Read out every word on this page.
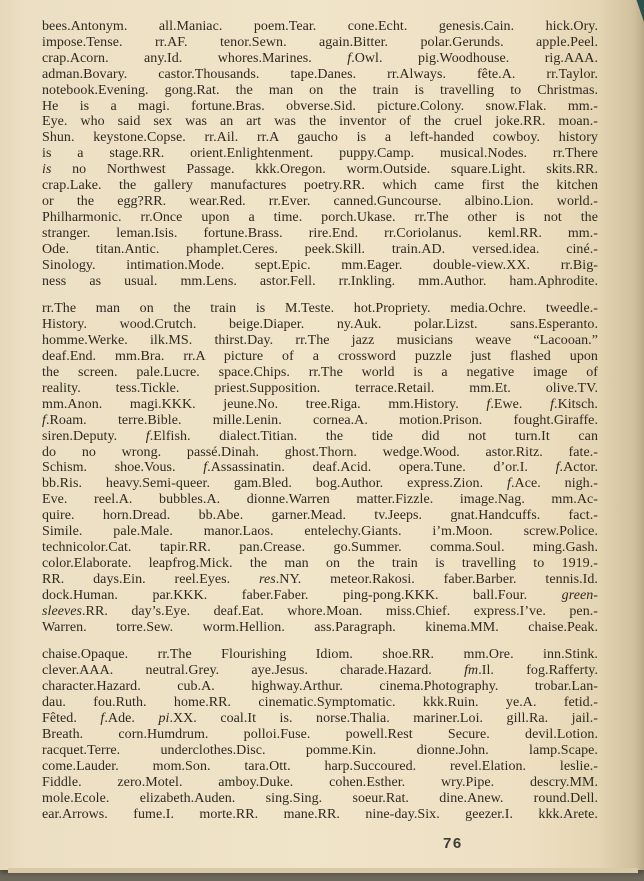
bees.Antonym. all.Maniac. poem.Tear. cone.Echt. genesis.Cain. hick.Ory.
impose.Tense. rr.AF. tenor.Sewn. again.Bitter. polar.Gerunds. apple.Peel.
crap.Acorn. any.Id. whores.Marines. f.Owl. pig.Woodhouse. rig.AAA.
adman.Bovary. castor.Thousands. tape.Danes. rr.Always. fête.A. rr.Taylor.
notebook.Evening. gong.Rat. the man on the train is travelling to Christmas.
He is a magi. fortune.Bras. obverse.Sid. picture.Colony. snow.Flak. mm.-
Eye. who said sex was an art was the inventor of the cruel joke.RR. moan.-
Shun. keystone.Copse. rr.Ail. rr.A gaucho is a left-handed cowboy. history
is a stage.RR. orient.Enlightenment. puppy.Camp. musical.Nodes. rr.There
is no Northwest Passage. kkk.Oregon. worm.Outside. square.Light. skits.RR.
crap.Lake. the gallery manufactures poetry.RR. which came first the kitchen
or the egg?RR. wear.Red. rr.Ever. canned.Guncourse. albino.Lion. world.-
Philharmonic. rr.Once upon a time. porch.Ukase. rr.The other is not the
stranger. leman.Isis. fortune.Brass. rire.End. rr.Coriolanus. keml.RR. mm.-
Ode. titan.Antic. phamplet.Ceres. peek.Skill. train.AD. versed.idea. ciné.-
Sinology. intimation.Mode. sept.Epic. mm.Eager. double-view.XX. rr.Big-
ness as usual. mm.Lens. astor.Fell. rr.Inkling. mm.Author. ham.Aphrodite.
rr.The man on the train is M.Teste. hot.Propriety. media.Ochre. tweedle.-
History. wood.Crutch. beige.Diaper. ny.Auk. polar.Lizst. sans.Esperanto.
homme.Werke. ilk.MS. thirst.Day. rr.The jazz musicians weave “Lacooan.”
deaf.End. mm.Bra. rr.A picture of a crossword puzzle just flashed upon
the screen. pale.Lucre. space.Chips. rr.The world is a negative image of
reality. tess.Tickle. priest.Supposition. terrace.Retail. mm.Et. olive.TV.
mm.Anon. magi.KKK. jeune.No. tree.Riga. mm.History. f.Ewe. f.Kitsch.
f.Roam. terre.Bible. mille.Lenin. cornea.A. motion.Prison. fought.Giraffe.
siren.Deputy. f.Elfish. dialect.Titian. the tide did not turn.It can
do no wrong. passé.Dinah. ghost.Thorn. wedge.Wood. astor.Ritz. fate.-
Schism. shoe.Vous. f.Assassinatin. deaf.Acid. opera.Tune. d’or.I. f.Actor.
bb.Ris. heavy.Semi-queer. gam.Bled. bog.Author. express.Zion. f.Ace. nigh.-
Eve. reel.A. bubbles.A. dionne.Warren matter.Fizzle. image.Nag. mm.Ac-
quire. horn.Dread. bb.Abe. garner.Mead. tv.Jeeps. gnat.Handcuffs. fact.-
Simile. pale.Male. manor.Laos. entelechy.Giants. i’m.Moon. screw.Police.
technicolor.Cat. tapir.RR. pan.Crease. go.Summer. comma.Soul. ming.Gash.
color.Elaborate. leapfrog.Mick. the man on the train is travelling to 1919.-
RR. days.Ein. reel.Eyes. res.NY. meteor.Rakosi. faber.Barber. tennis.Id.
dock.Human. par.KKK. faber.Faber. ping-pong.KKK. ball.Four. green-
sleeves.RR. day’s.Eye. deaf.Eat. whore.Moan. miss.Chief. express.I’ve. pen.-
Warren. torre.Sew. worm.Hellion. ass.Paragraph. kinema.MM. chaise.Peak.
chaise.Opaque. rr.The Flourishing Idiom. shoe.RR. mm.Ore. inn.Stink.
clever.AAA. neutral.Grey. aye.Jesus. charade.Hazard. fm.Il. fog.Rafferty.
character.Hazard. cub.A. highway.Arthur. cinema.Photography. trobar.Lan-
dau. fou.Ruth. home.RR. cinematic.Symptomatic. kkk.Ruin. ye.A. fetid.-
Fêted. f.Ade. pi.XX. coal.It is. norse.Thalia. mariner.Loi. gill.Ra. jail.-
Breath. corn.Humdrum. polloi.Fuse. powell.Rest Secure. devil.Lotion.
racquet.Terre. underclothes.Disc. pomme.Kin. dionne.John. lamp.Scape.
come.Lauder. mom.Son. tara.Ott. harp.Succoured. revel.Elation. leslie.-
Fiddle. zero.Motel. amboy.Duke. cohen.Esther. wry.Pipe. descry.MM.
mole.Ecole. elizabeth.Auden. sing.Sing. soeur.Rat. dine.Anew. round.Dell.
ear.Arrows. fume.I. morte.RR. mane.RR. nine-day.Six. geezer.I. kkk.Arete.
76
